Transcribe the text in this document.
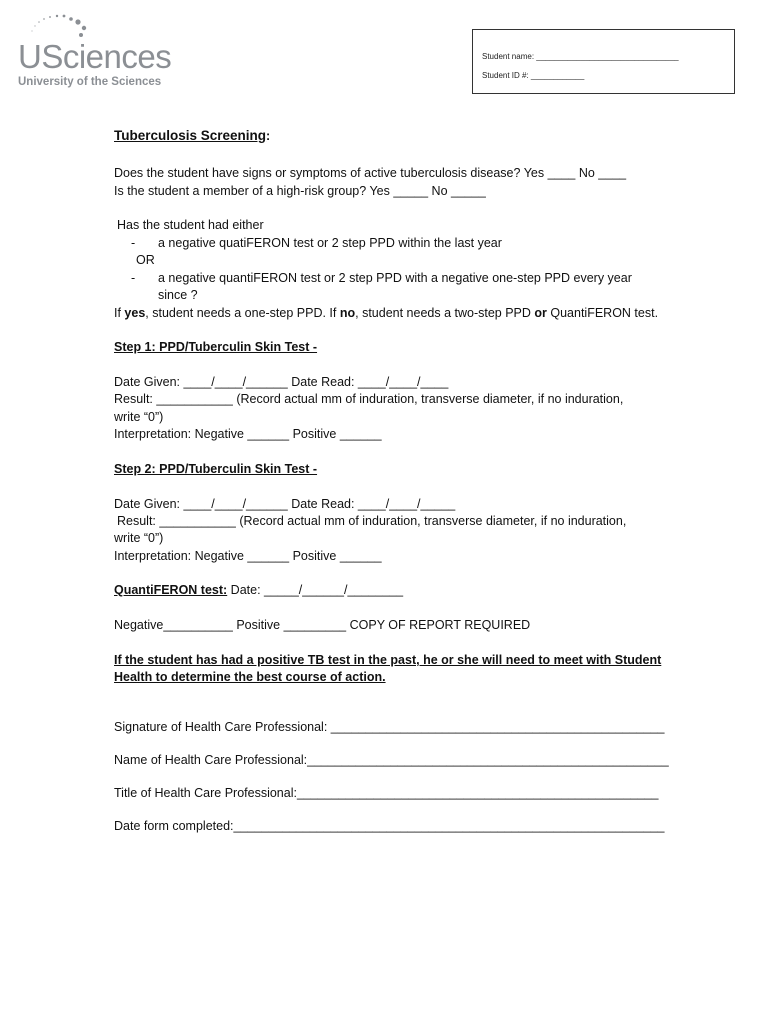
USciences
University of the Sciences
Student name: ________________________________
Student ID #: ____________
Tuberculosis Screening:
Does the student have signs or symptoms of active tuberculosis disease? Yes ____ No ____
Is the student a member of a high-risk group? Yes _____ No _____
Has the student had either
- a negative quatiFERON test or 2 step PPD within the last year
OR
- a negative quantiFERON test or 2 step PPD with a negative one-step PPD every year
since ?
If yes, student needs a one-step PPD. If no, student needs a two-step PPD or QuantiFERON test.
Step 1: PPD/Tuberculin Skin Test -
Date Given: ____/____/______ Date Read: ____/____/____
Result: ___________ (Record actual mm of induration, transverse diameter, if no induration,
write “0”)
Interpretation: Negative ______ Positive ______
Step 2: PPD/Tuberculin Skin Test -
Date Given: ____/____/______ Date Read: ____/____/_____
Result: ___________ (Record actual mm of induration, transverse diameter, if no induration,
write “0”)
Interpretation: Negative ______ Positive ______
QuantiFERON test: Date: _____/______/________
Negative__________ Positive _________ COPY OF REPORT REQUIRED
If the student has had a positive TB test in the past, he or she will need to meet with Student
Health to determine the best course of action.
Signature of Health Care Professional: ________________________________________________
Name of Health Care Professional:____________________________________________________
Title of Health Care Professional:____________________________________________________
Date form completed:______________________________________________________________
